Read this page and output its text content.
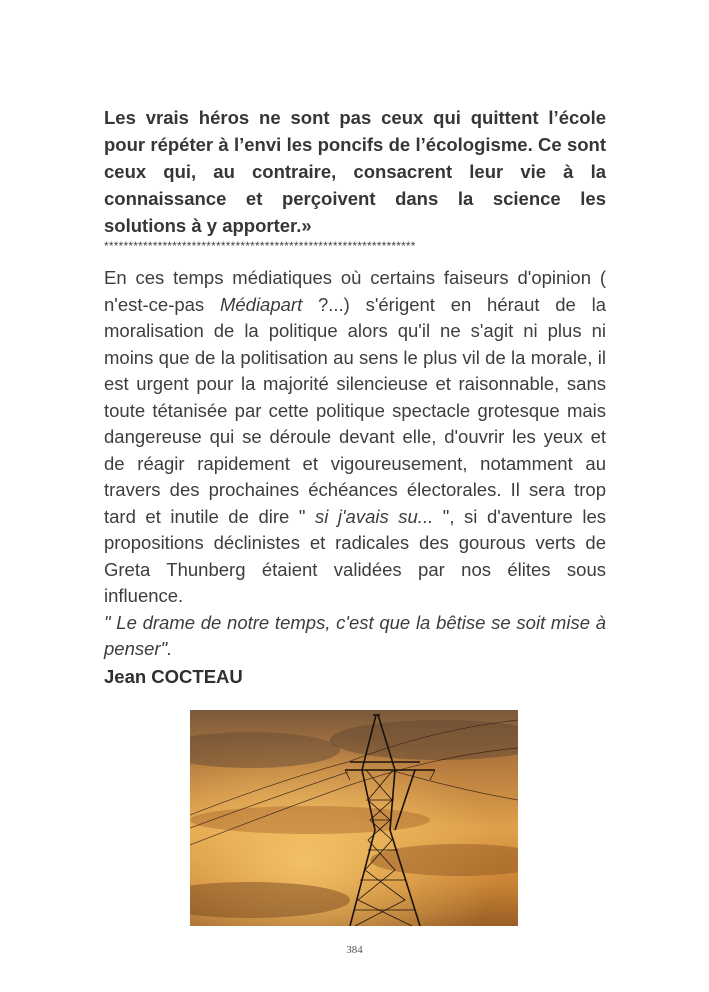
Les vrais héros ne sont pas ceux qui quittent l’école pour répéter à l’envi les poncifs de l’écologisme. Ce sont ceux qui, au contraire, consacrent leur vie à la connaissance et perçoivent dans la science les solutions à y apporter.»

****************************************************************

En ces temps médiatiques où certains faiseurs d'opinion ( n'est-ce-pas Médiapart ?...) s'érigent en héraut de la moralisation de la politique alors qu'il ne s'agit ni plus ni moins que de la politisation au sens le plus vil de la morale, il est urgent pour la majorité silencieuse et raisonnable, sans toute tétanisée par cette politique spectacle grotesque mais dangereuse qui se déroule devant elle, d'ouvrir les yeux et de réagir rapidement et vigoureusement, notamment au travers des prochaines échéances électorales. Il sera trop tard et inutile de dire " si j'avais su... ", si d'aventure les propositions déclinistes et radicales des gourous verts de Greta Thunberg étaient validées par nos élites sous influence.

" Le drame de notre temps, c'est que la bêtise se soit mise à penser".

Jean COCTEAU

384
